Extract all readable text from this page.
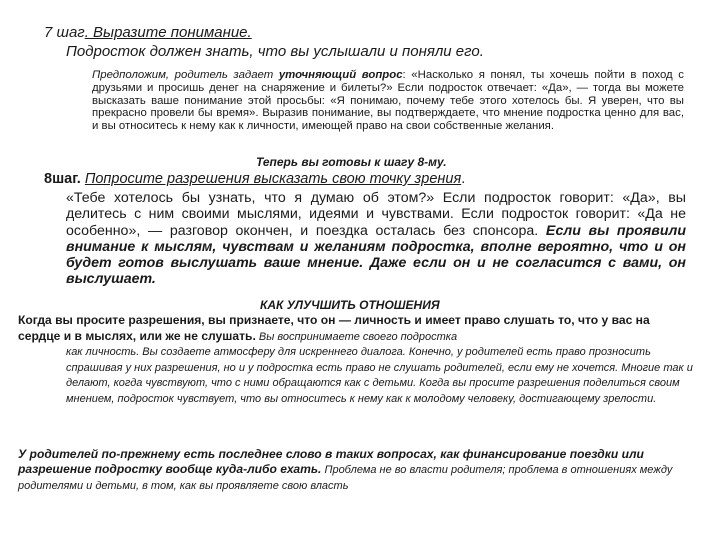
7 шаг. Выразите понимание.

Подросток должен знать, что вы услышали и поняли его.

Предположим, родитель задает уточняющий вопрос: «Насколько я понял, ты хочешь пойти в поход с друзьями и просишь денег на снаряжение и билеты?» Если подросток отвечает: «Да», — тогда вы можете высказать ваше понимание этой просьбы: «Я понимаю, почему тебе этого хотелось бы. Я уверен, что вы прекрасно провели бы время». Выразив понимание, вы подтверждаете, что мнение подростка ценно для вас, и вы относитесь к нему как к личности, имеющей право на свои собственные желания.

Теперь вы готовы к шагу 8-му.

8шаг. Попросите разрешения высказать свою точку зрения.

«Тебе хотелось бы узнать, что я думаю об этом?» Если подросток говорит: «Да», вы делитесь с ним своими мыслями, идеями и чувствами. Если подросток говорит: «Да не особенно», — разговор окончен, и поездка осталась без спонсора. Если вы проявили внимание к мыслям, чувствам и желаниям подростка, вполне вероятно, что и он будет готов выслушать ваше мнение. Даже если он и не согласится с вами, он выслушает.

КАК УЛУЧШИТЬ ОТНОШЕНИЯ

Когда вы просите разрешения, вы признаете, что он — личность и имеет право слушать то, что у вас на сердце и в мыслях, или же не слушать. Вы воспринимаете своего подростка
как личность. Вы создаете атмосферу для искреннего диалога. Конечно, у родителей есть право прозносить спрашивая у них разрешения, но и у подростка есть право не слушать родителей, если ему не хочется. Многие так и делают, когда чувствуют, что с ними обращаются как с детьми. Когда вы просите разрешения поделиться своим мнением, подросток чувствует, что вы относитесь к нему как к молодому человеку, достигающему зрелости.

У родителей по-прежнему есть последнее слово в таких вопросах, как финансирование поездки или разрешение подростку вообще куда-либо ехать. Проблема не во власти родителя; проблема в отношениях между родителями и детьми, в том, как вы проявляете свою власть
